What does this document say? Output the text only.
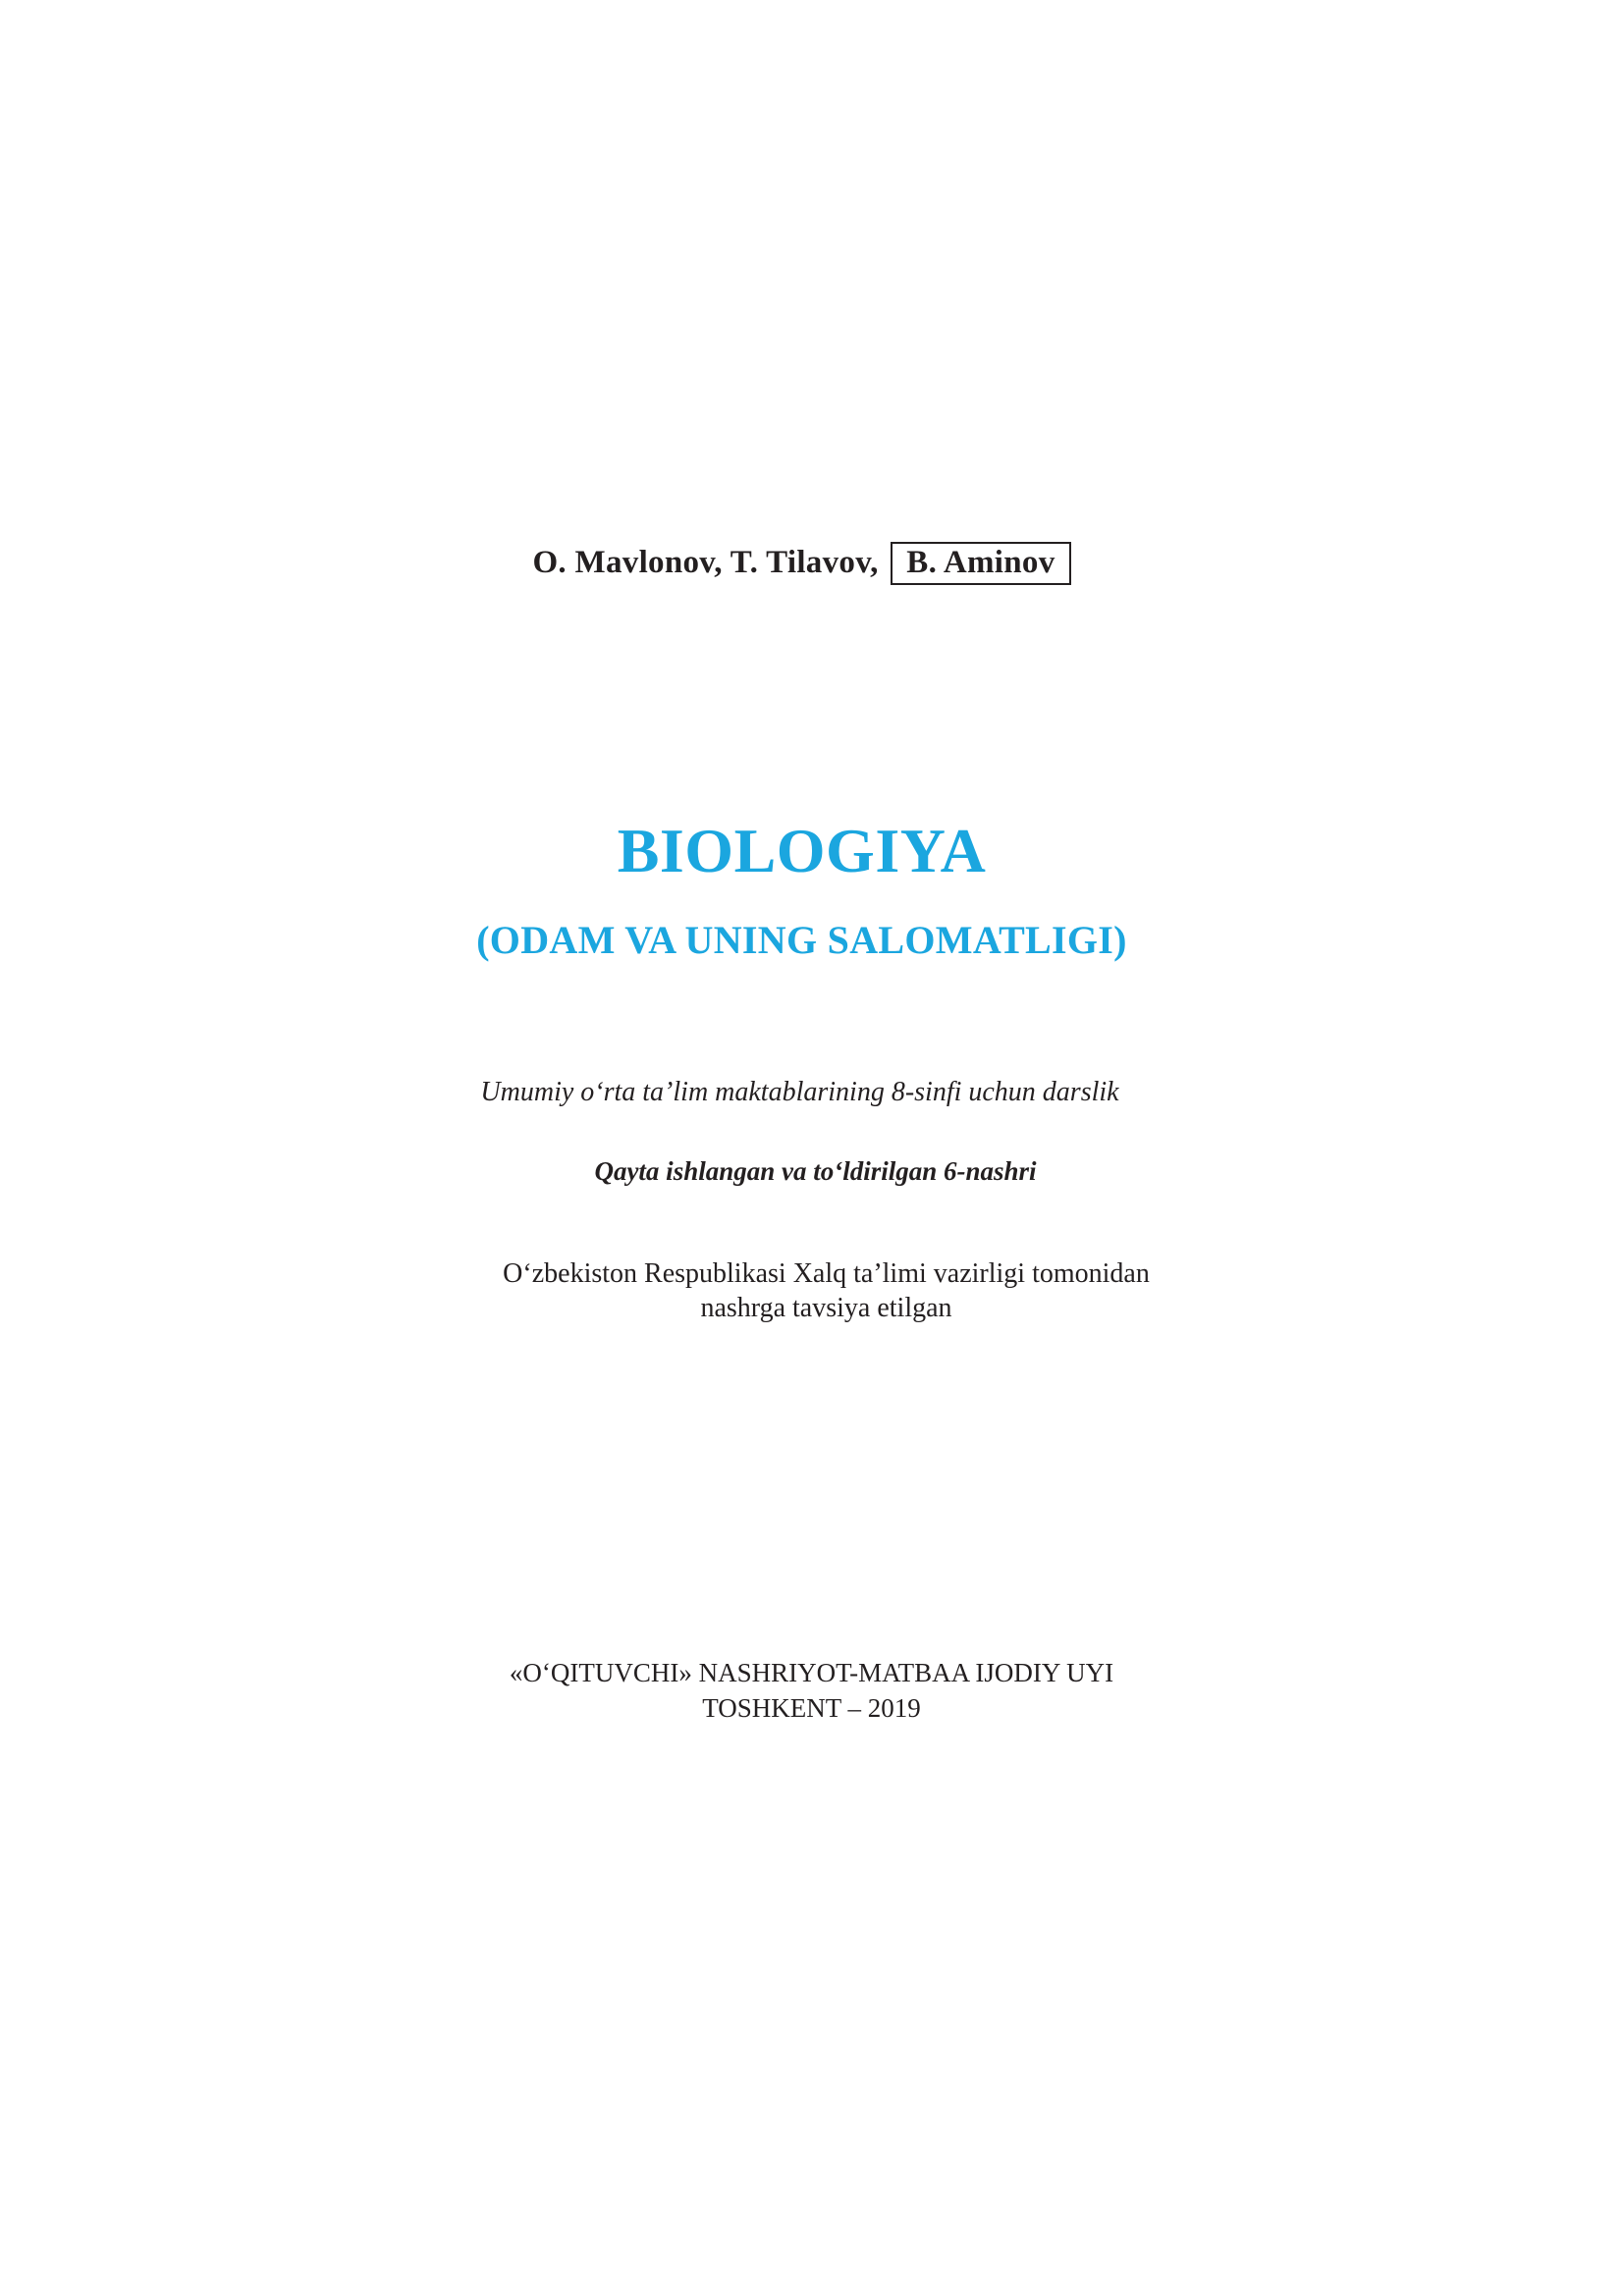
O. Mavlonov, T. Tilavov, B. Aminov
BIOLOGIYA
(ODAM VA UNING SALOMATLIGI)
Umumiy o‘rta ta’lim maktablarining 8-sinfi uchun darslik
Qayta ishlangan va to‘ldirilgan 6-nashri
O‘zbekiston Respublikasi Xalq ta’limi vazirligi tomonidan
nashrga tavsiya etilgan
«O‘QITUVCHI» NASHRIYOT-MATBAA IJODIY UYI
TOSHKENT – 2019
